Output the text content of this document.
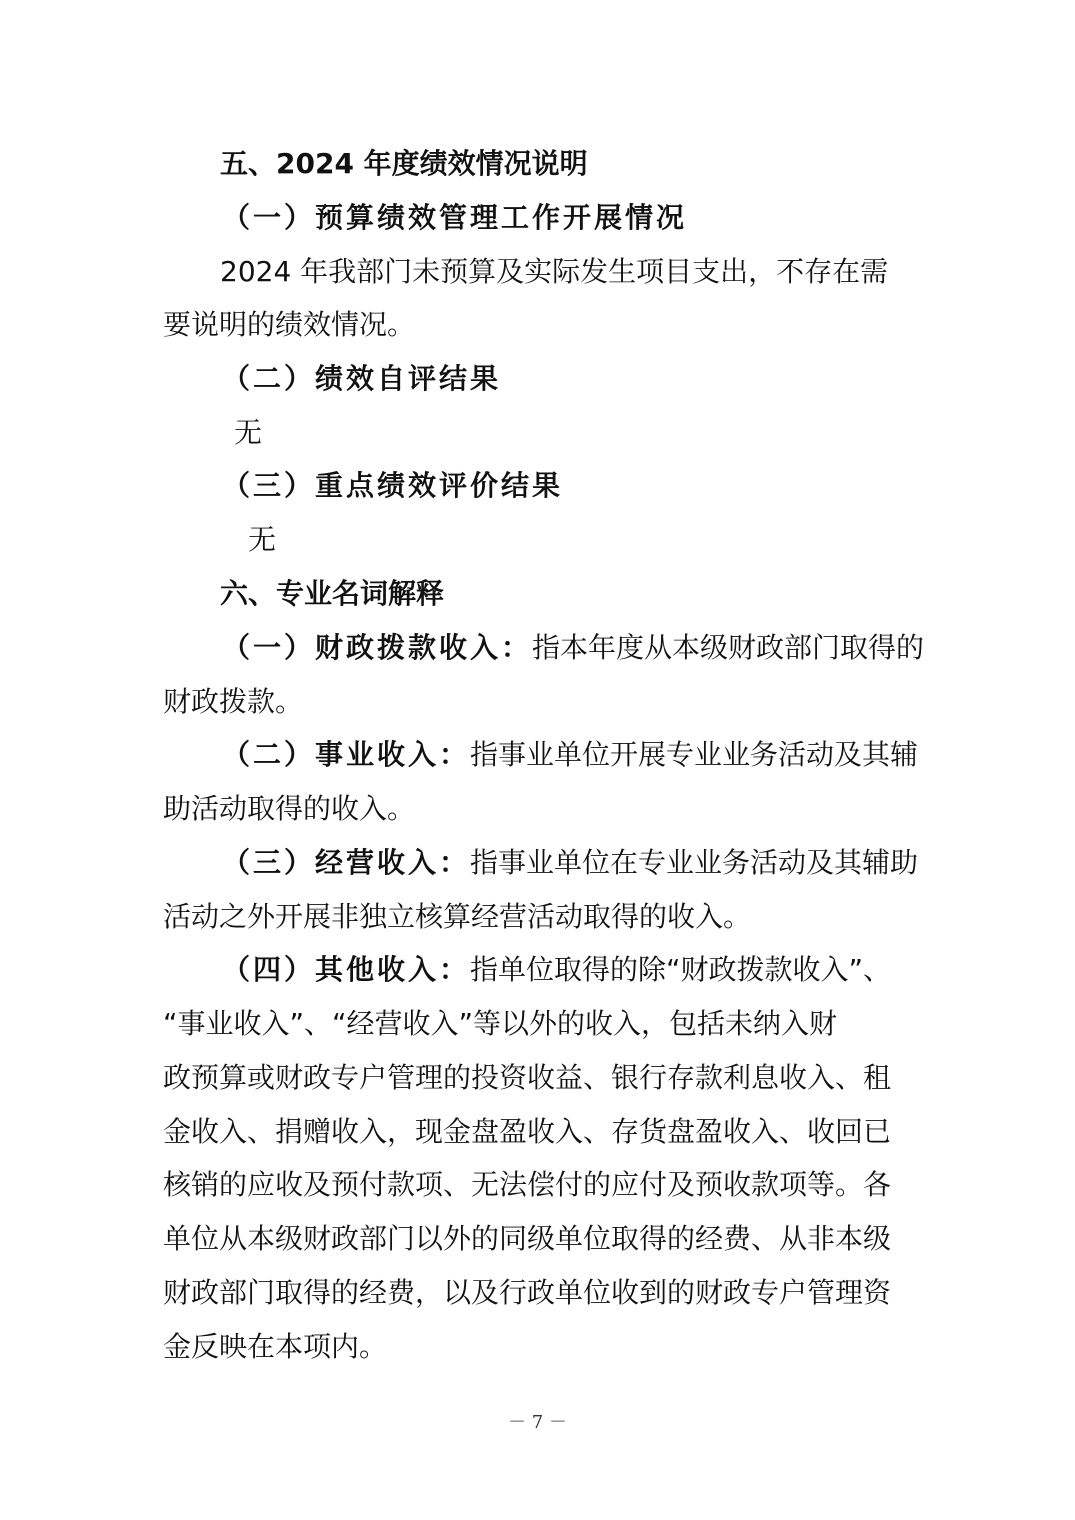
五、2024 年度绩效情况说明
（一）预算绩效管理工作开展情况
2024 年我部门未预算及实际发生项目支出，不存在需
要说明的绩效情况。
（二）绩效自评结果
无
（三）重点绩效评价结果
无
六、专业名词解释
（一）财政拨款收入：指本年度从本级财政部门取得的
财政拨款。
（二）事业收入：指事业单位开展专业业务活动及其辅
助活动取得的收入。
（三）经营收入：指事业单位在专业业务活动及其辅助
活动之外开展非独立核算经营活动取得的收入。
（四）其他收入：指单位取得的除“财政拨款收入”、
“事业收入”、“经营收入”等以外的收入，包括未纳入财
政预算或财政专户管理的投资收益、银行存款利息收入、租
金收入、捐赠收入，现金盘盈收入、存货盘盈收入、收回已
核销的应收及预付款项、无法偿付的应付及预收款项等。各
单位从本级财政部门以外的同级单位取得的经费、从非本级
财政部门取得的经费，以及行政单位收到的财政专户管理资
金反映在本项内。
－ 7 －
